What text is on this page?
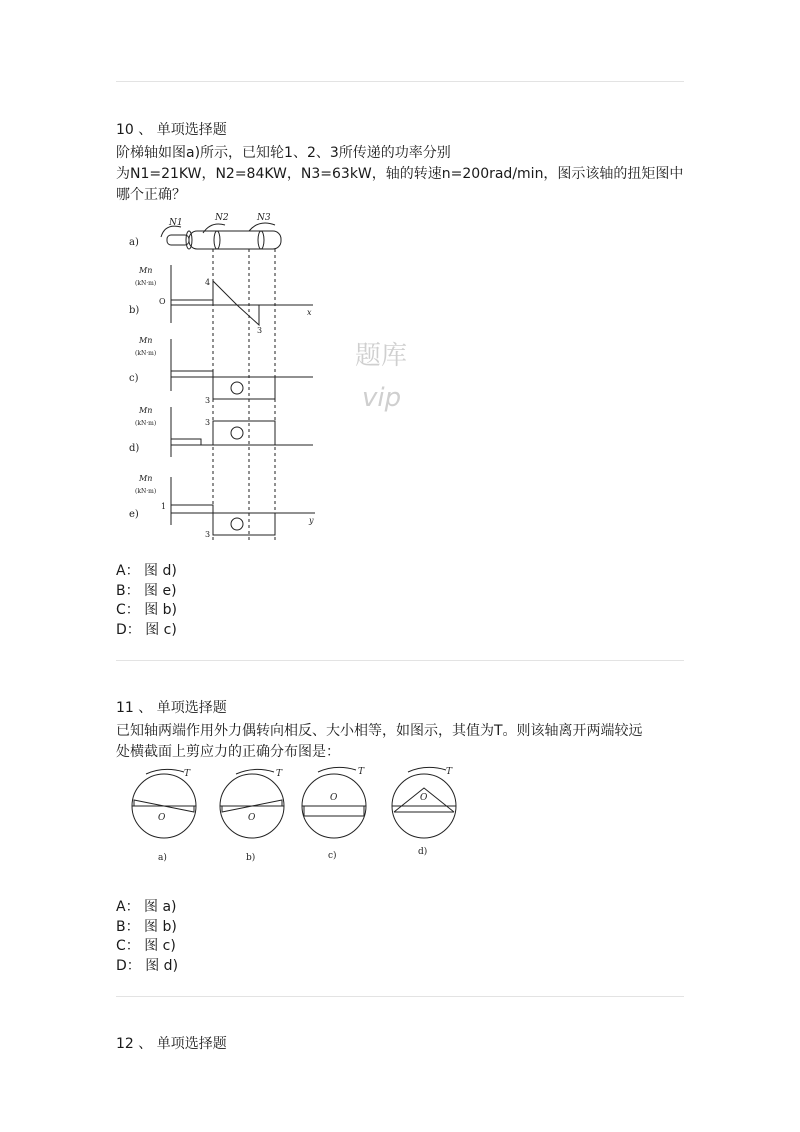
10 、 单项选择题
阶梯轴如图a)所示，已知轮1、2、3所传递的功率分别
为N1=21KW，N2=84KW，N3=63kW，轴的转速n=200rad/min，图示该轴的扭矩图中
哪个正确？
a)
N1	N2	N3
Mn
(kN·m)
b)
O
x
4
3
Mn
(kN·m)
c)
3
Mn
(kN·m)
d)
3
Mn
(kN·m)
e)
1
3
y
题库
vip
A： 图 d)
B： 图 e)
C： 图 b)
D： 图 c)
11 、 单项选择题
已知轴两端作用外力偶转向相反、大小相等，如图示，其值为T。则该轴离开两端较远
处横截面上剪应力的正确分布图是：
T
O
a)
T
O
b)
T
O
c)
T
O
d)
A： 图 a)
B： 图 b)
C： 图 c)
D： 图 d)
12 、 单项选择题
